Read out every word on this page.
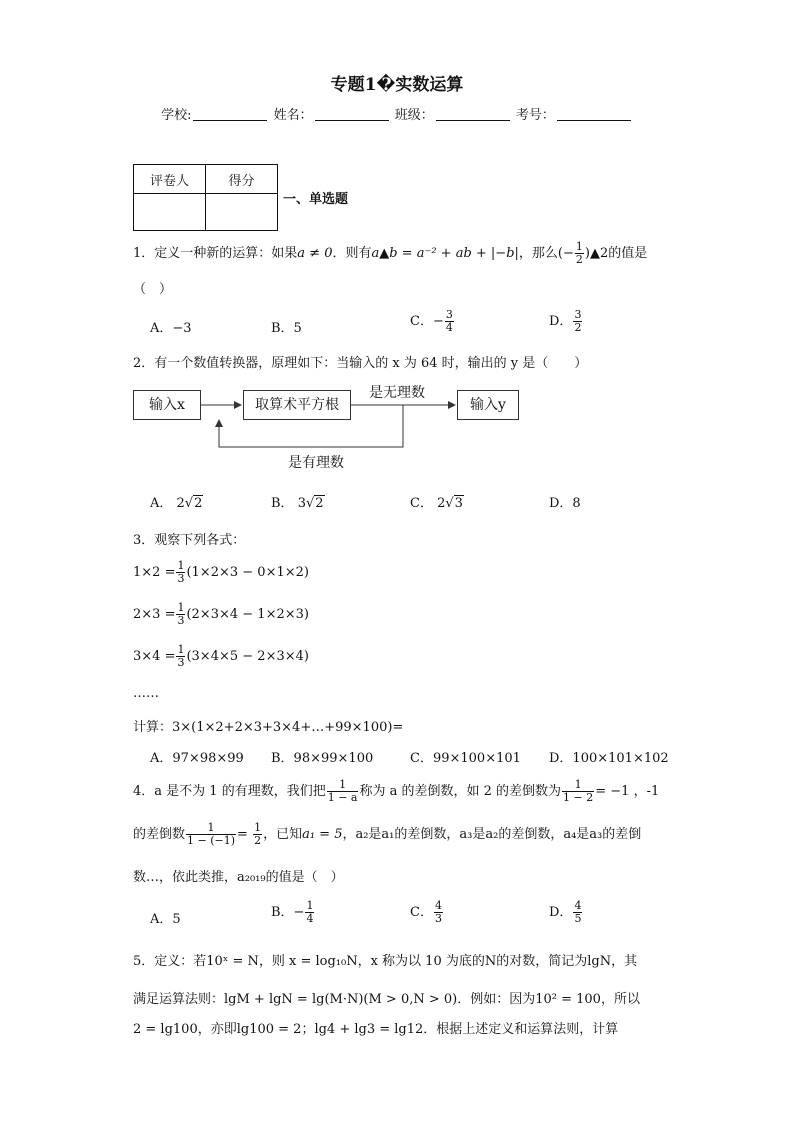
专题1�实数运算
学校:	姓名：	班级：	考号：
评卷人	得分

一、单选题
1．定义一种新的运算：如果a ≠ 0．则有a▲b = a⁻² + ab + |−b|，那么(− $\frac{1}{2}$ )▲2的值是
（　）
A．−3	B．5	C．− $\frac{3}{4}$	D． $\frac{3}{2}$
2．有一个数值转换器，原理如下：当输入的 x 为 64 时，输出的 y 是（　　）
输入x	取算术平方根	输入y
是无理数
是有理数
A． 2√2	B． 3√2	C． 2√3	D．8
3．观察下列各式：
$1\times 2 = \frac{1}{3} (1\times 2\times 3 - 0\times 1\times 2)$
$2\times 3 = \frac{1}{3} (2\times 3\times 4 - 1\times 2\times 3)$
$3\times 4 = \frac{1}{3} (3\times 4\times 5 - 2\times 3\times 4)$
……
计算：3×(1×2+2×3+3×4+…+99×100)=
A．97×98×99 B．98×99×100	C．99×100×101 D．100×101×102
4．a 是不为 1 的有理数，我们把 $\frac{1}{1 - a}$ 称为 a 的差倒数，如 2 的差倒数为 $\frac{1}{1 - 2} = -1$ ，-1
的差倒数 $\frac{1}{1 - (-1)} = \frac{1}{2}$ ，已知a₁ = 5，a₂是a₁的差倒数，a₃是a₂的差倒数，a₄是a₃的差倒
数…，依此类推，a₂₀₁₉的值是（　）
A．5	B．− $\frac{1}{4}$	C． $\frac{4}{3}$	D． $\frac{4}{5}$
5．定义：若10ˣ = N，则 x = log₁₀N，x 称为以 10 为底的N的对数，简记为lgN，其
满足运算法则：lgM + lgN = lg(M·N)(M > 0,N > 0)．例如：因为10² = 100，所以
2 = lg100，亦即lg100 = 2；lg4 + lg3 = lg12．根据上述定义和运算法则，计算
